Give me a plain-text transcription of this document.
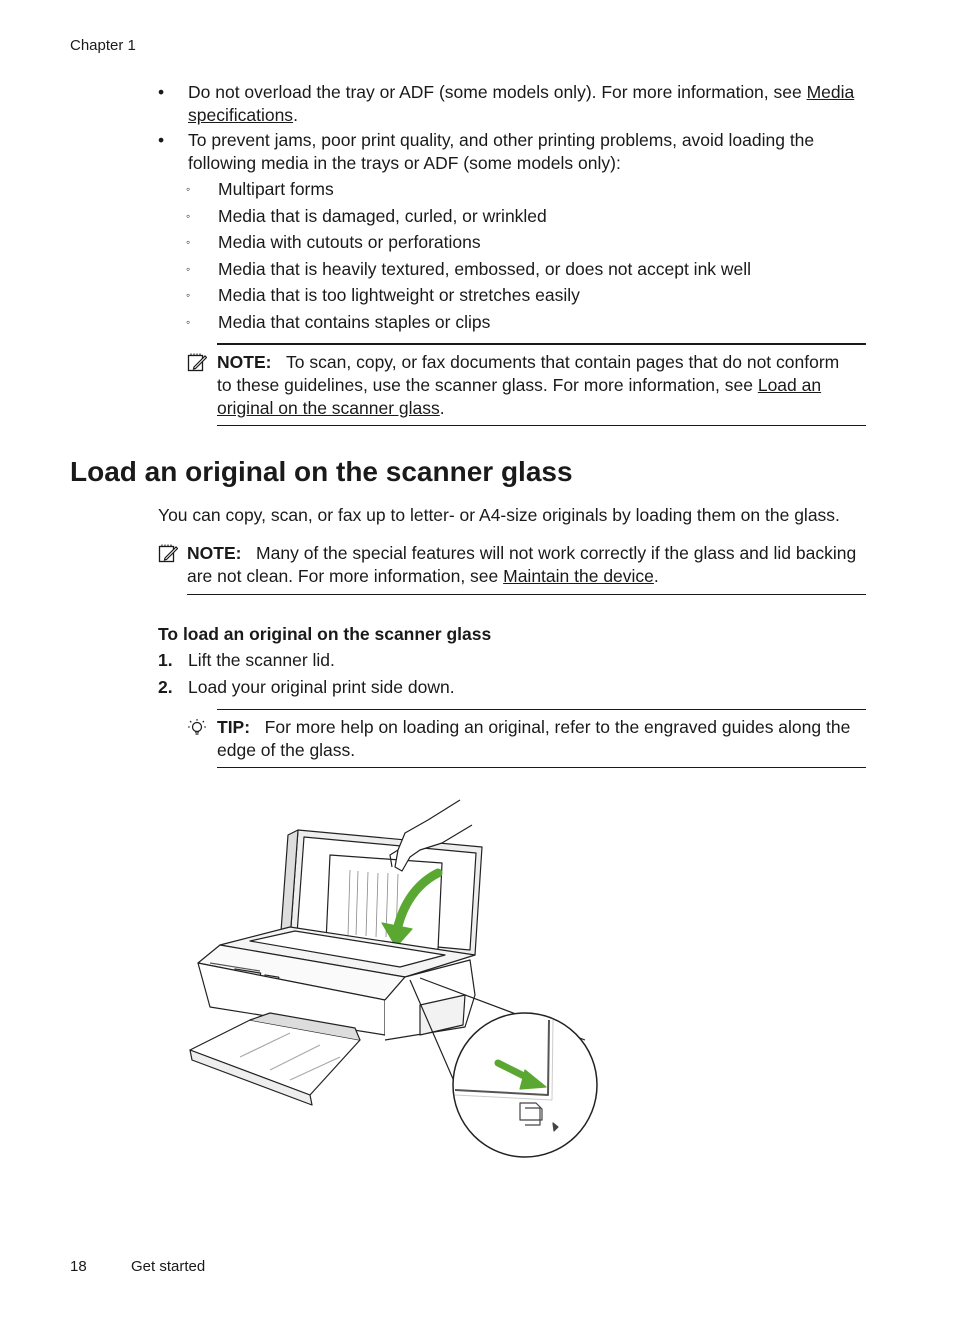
Chapter 1
• Do not overload the tray or ADF (some models only). For more information, see Media
specifications.
• To prevent jams, poor print quality, and other printing problems, avoid loading the
following media in the trays or ADF (some models only):
◦ Multipart forms
◦ Media that is damaged, curled, or wrinkled
◦ Media with cutouts or perforations
◦ Media that is heavily textured, embossed, or does not accept ink well
◦ Media that is too lightweight or stretches easily
◦ Media that contains staples or clips
NOTE: To scan, copy, or fax documents that contain pages that do not conform
to these guidelines, use the scanner glass. For more information, see Load an
original on the scanner glass.
Load an original on the scanner glass
You can copy, scan, or fax up to letter- or A4-size originals by loading them on the glass.
NOTE: Many of the special features will not work correctly if the glass and lid backing
are not clean. For more information, see Maintain the device.
To load an original on the scanner glass
1. Lift the scanner lid.
2. Load your original print side down.
TIP: For more help on loading an original, refer to the engraved guides along the
edge of the glass.
18	Get started
